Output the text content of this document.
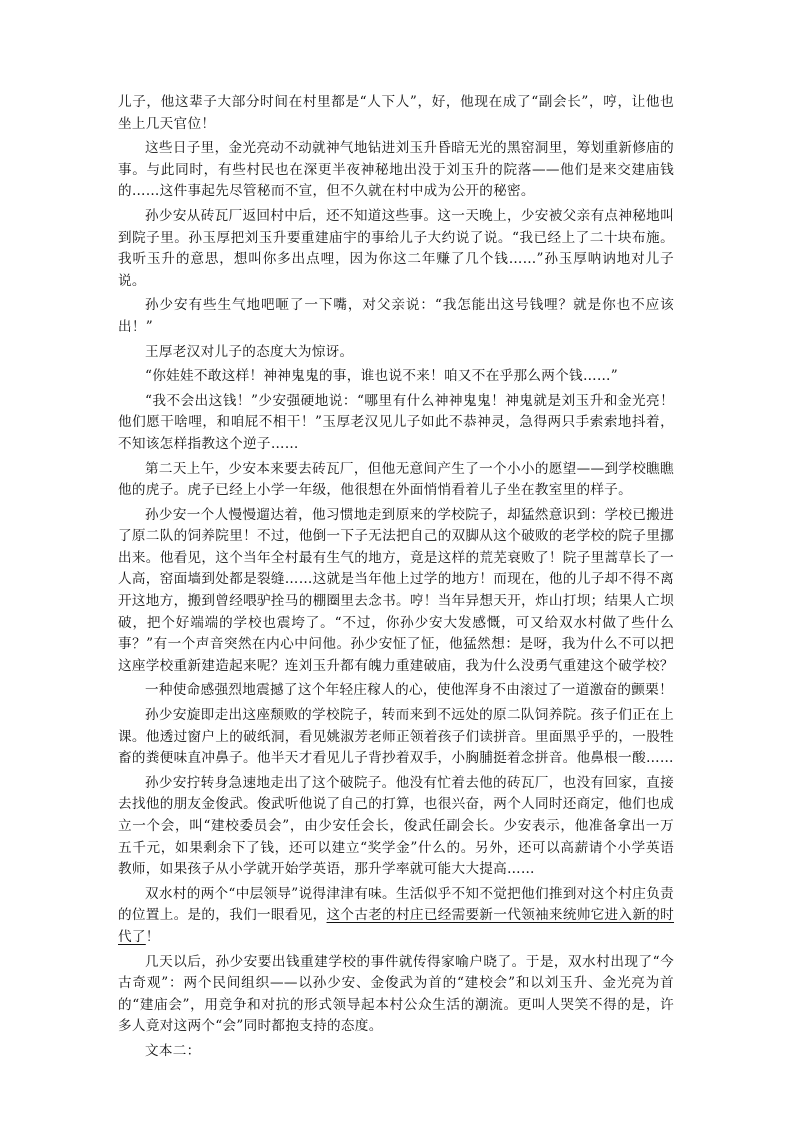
儿子，他这辈子大部分时间在村里都是“人下人”，好，他现在成了“副会长”，哼，让他也坐上几天官位！

这些日子里，金光亮动不动就神气地钻进刘玉升昏暗无光的黑窑洞里，筹划重新修庙的事。与此同时，有些村民也在深更半夜神秘地出没于刘玉升的院落——他们是来交建庙钱的……这件事起先尽管秘而不宣，但不久就在村中成为公开的秘密。

孙少安从砖瓦厂返回村中后，还不知道这些事。这一天晚上，少安被父亲有点神秘地叫到院子里。孙玉厚把刘玉升要重建庙宇的事给儿子大约说了说。“我已经上了二十块布施。我听玉升的意思，想叫你多出点哩，因为你这二年赚了几个钱……”孙玉厚呐讷地对儿子说。

孙少安有些生气地吧咂了一下嘴，对父亲说：“我怎能出这号钱哩？就是你也不应该出！”

王厚老汉对儿子的态度大为惊讶。

“你娃娃不敢这样！神神鬼鬼的事，谁也说不来！咱又不在乎那么两个钱……”

“我不会出这钱！”少安强硬地说：“哪里有什么神神鬼鬼！神鬼就是刘玉升和金光亮！他们愿干啥哩，和咱屁不相干！”玉厚老汉见儿子如此不恭神灵，急得两只手索索地抖着，不知该怎样指教这个逆子……

第二天上午，少安本来要去砖瓦厂，但他无意间产生了一个小小的愿望——到学校瞧瞧他的虎子。虎子已经上小学一年级，他很想在外面悄悄看着儿子坐在教室里的样子。

孙少安一个人慢慢遛达着，他习惯地走到原来的学校院子，却猛然意识到：学校已搬进了原二队的饲养院里！不过，他倒一下子无法把自己的双脚从这个破败的老学校的院子里挪出来。他看见，这个当年全村最有生气的地方，竟是这样的荒芜衰败了！院子里蒿草长了一人高，窑面墙到处都是裂缝……这就是当年他上过学的地方！而现在，他的儿子却不得不离开这地方，搬到曾经喂驴拴马的棚圈里去念书。哼！当年异想天开，炸山打坝；结果人亡坝破，把个好端端的学校也震垮了。“不过，你孙少安大发感慨，可又给双水村做了些什么事？”有一个声音突然在内心中问他。孙少安怔了怔，他猛然想：是呀，我为什么不可以把这座学校重新建造起来呢？连刘玉升都有魄力重建破庙，我为什么没勇气重建这个破学校？

一种使命感强烈地震撼了这个年轻庄稼人的心，使他浑身不由滚过了一道激奋的颤栗！

孙少安旋即走出这座颓败的学校院子，转而来到不远处的原二队饲养院。孩子们正在上课。他透过窗户上的破纸洞，看见姚淑芳老师正领着孩子们读拼音。里面黑乎乎的，一股牲畜的粪便味直冲鼻子。他半天才看见儿子背抄着双手，小胸脯挺着念拼音。他鼻根一酸……

孙少安拧转身急速地走出了这个破院子。他没有忙着去他的砖瓦厂，也没有回家，直接去找他的朋友金俊武。俊武听他说了自己的打算，也很兴奋，两个人同时还商定，他们也成立一个会，叫“建校委员会”，由少安任会长，俊武任副会长。少安表示，他准备拿出一万五千元，如果剩余下了钱，还可以建立“奖学金”什么的。另外，还可以高薪请个小学英语教师，如果孩子从小学就开始学英语，那升学率就可能大大提高……

双水村的两个“中层领导”说得津津有味。生活似乎不知不觉把他们推到对这个村庄负责的位置上。是的，我们一眼看见，这个古老的村庄已经需要新一代领袖来统帅它进入新的时代了！

几天以后，孙少安要出钱重建学校的事件就传得家喻户晓了。于是，双水村出现了“今古奇观”：两个民间组织——以孙少安、金俊武为首的“建校会”和以刘玉升、金光亮为首的“建庙会”，用竞争和对抗的形式领导起本村公众生活的潮流。更叫人哭笑不得的是，许多人竟对这两个“会”同时都抱支持的态度。

文本二：
